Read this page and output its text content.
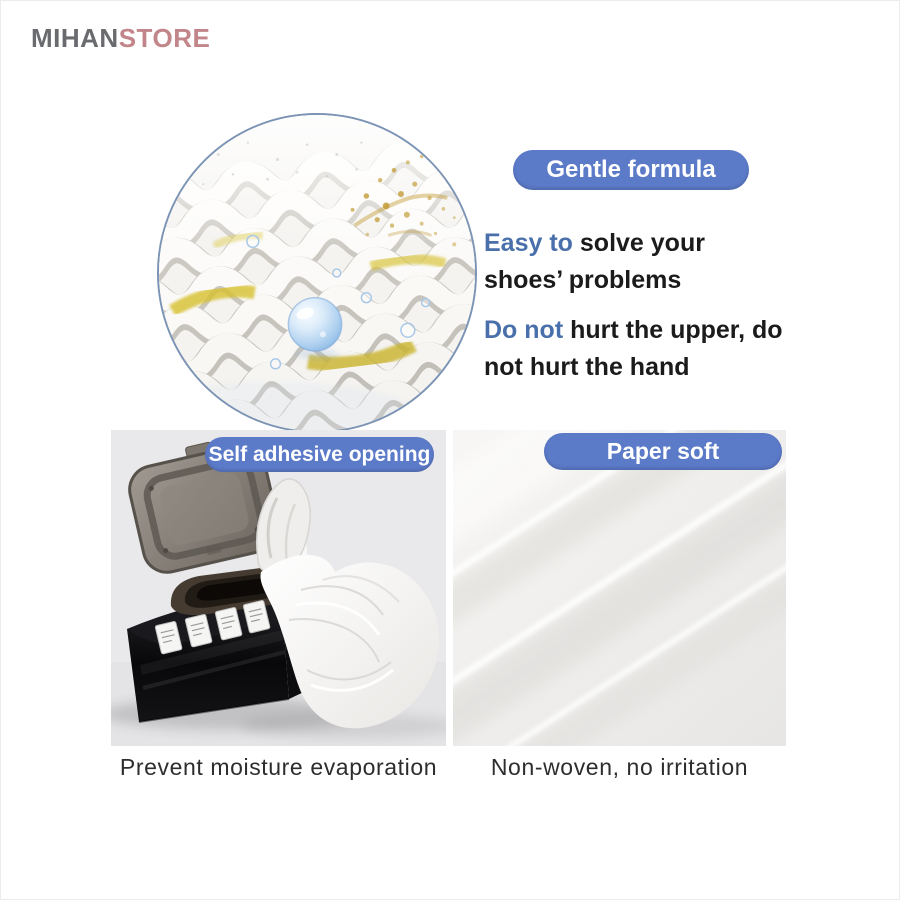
MIHANSTORE
Gentle formula
Easy to solve your shoes’ problems
Do not hurt the upper, do not hurt the hand
Self adhesive opening	Paper soft
Prevent moisture evaporation	Non-woven, no irritation
